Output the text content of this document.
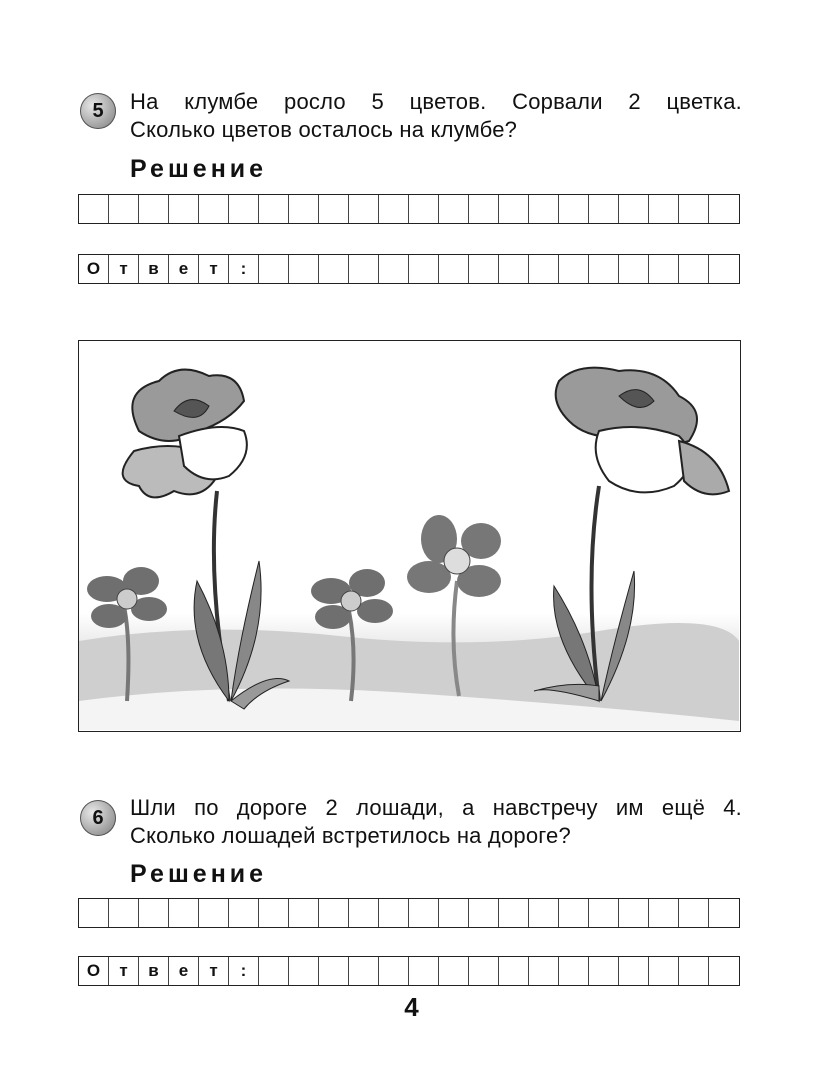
5 На клумбе росло 5 цветов. Сорвали 2 цветка.
Сколько цветов осталось на клумбе?
Решение
О	т	в	е	т	:
6 Шли по дороге 2 лошади, а навстречу им ещё 4.
Сколько лошадей встретилось на дороге?
Решение
О	т	в	е	т	:
4
